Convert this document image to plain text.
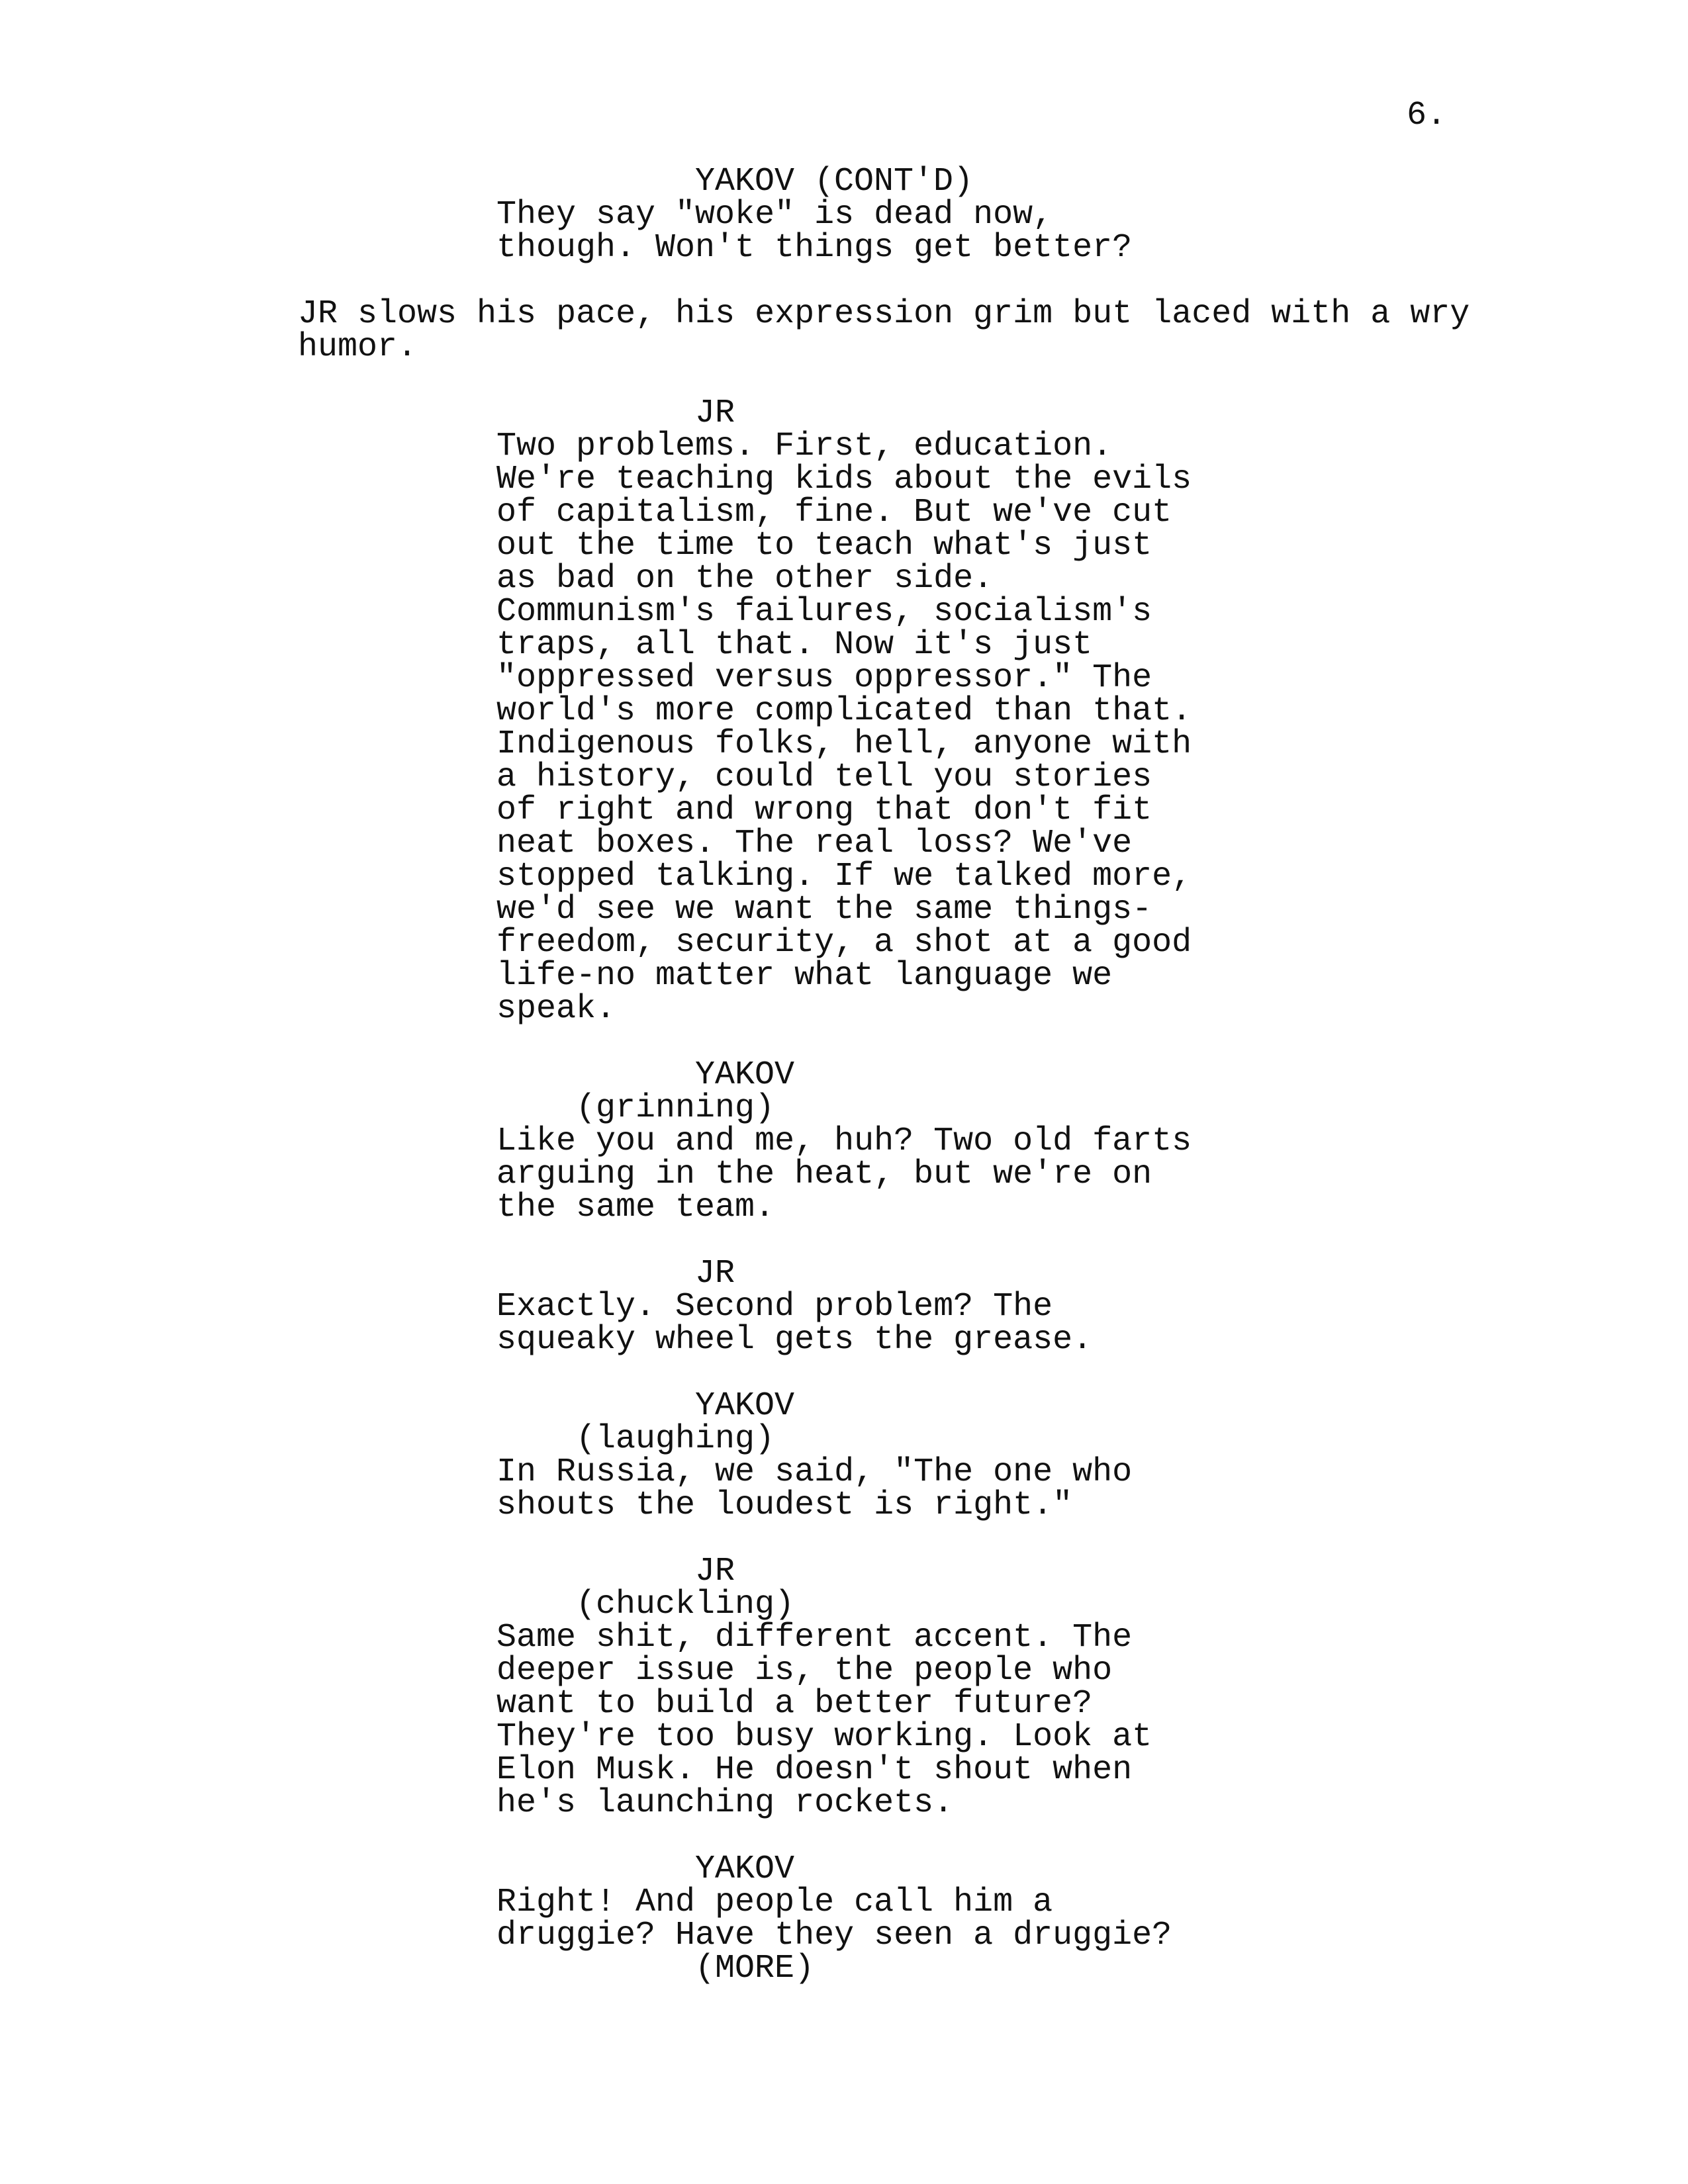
6.
YAKOV (CONT'D)
They say "woke" is dead now,
though. Won't things get better?
JR slows his pace, his expression grim but laced with a wry
humor.
JR
Two problems. First, education.
We're teaching kids about the evils
of capitalism, fine. But we've cut
out the time to teach what's just
as bad on the other side.
Communism's failures, socialism's
traps, all that. Now it's just
"oppressed versus oppressor." The
world's more complicated than that.
Indigenous folks, hell, anyone with
a history, could tell you stories
of right and wrong that don't fit
neat boxes. The real loss? We've
stopped talking. If we talked more,
we'd see we want the same things-
freedom, security, a shot at a good
life-no matter what language we
speak.
YAKOV
(grinning)
Like you and me, huh? Two old farts
arguing in the heat, but we're on
the same team.
JR
Exactly. Second problem? The
squeaky wheel gets the grease.
YAKOV
(laughing)
In Russia, we said, "The one who
shouts the loudest is right."
JR
(chuckling)
Same shit, different accent. The
deeper issue is, the people who
want to build a better future?
They're too busy working. Look at
Elon Musk. He doesn't shout when
he's launching rockets.
YAKOV
Right! And people call him a
druggie? Have they seen a druggie?
(MORE)
